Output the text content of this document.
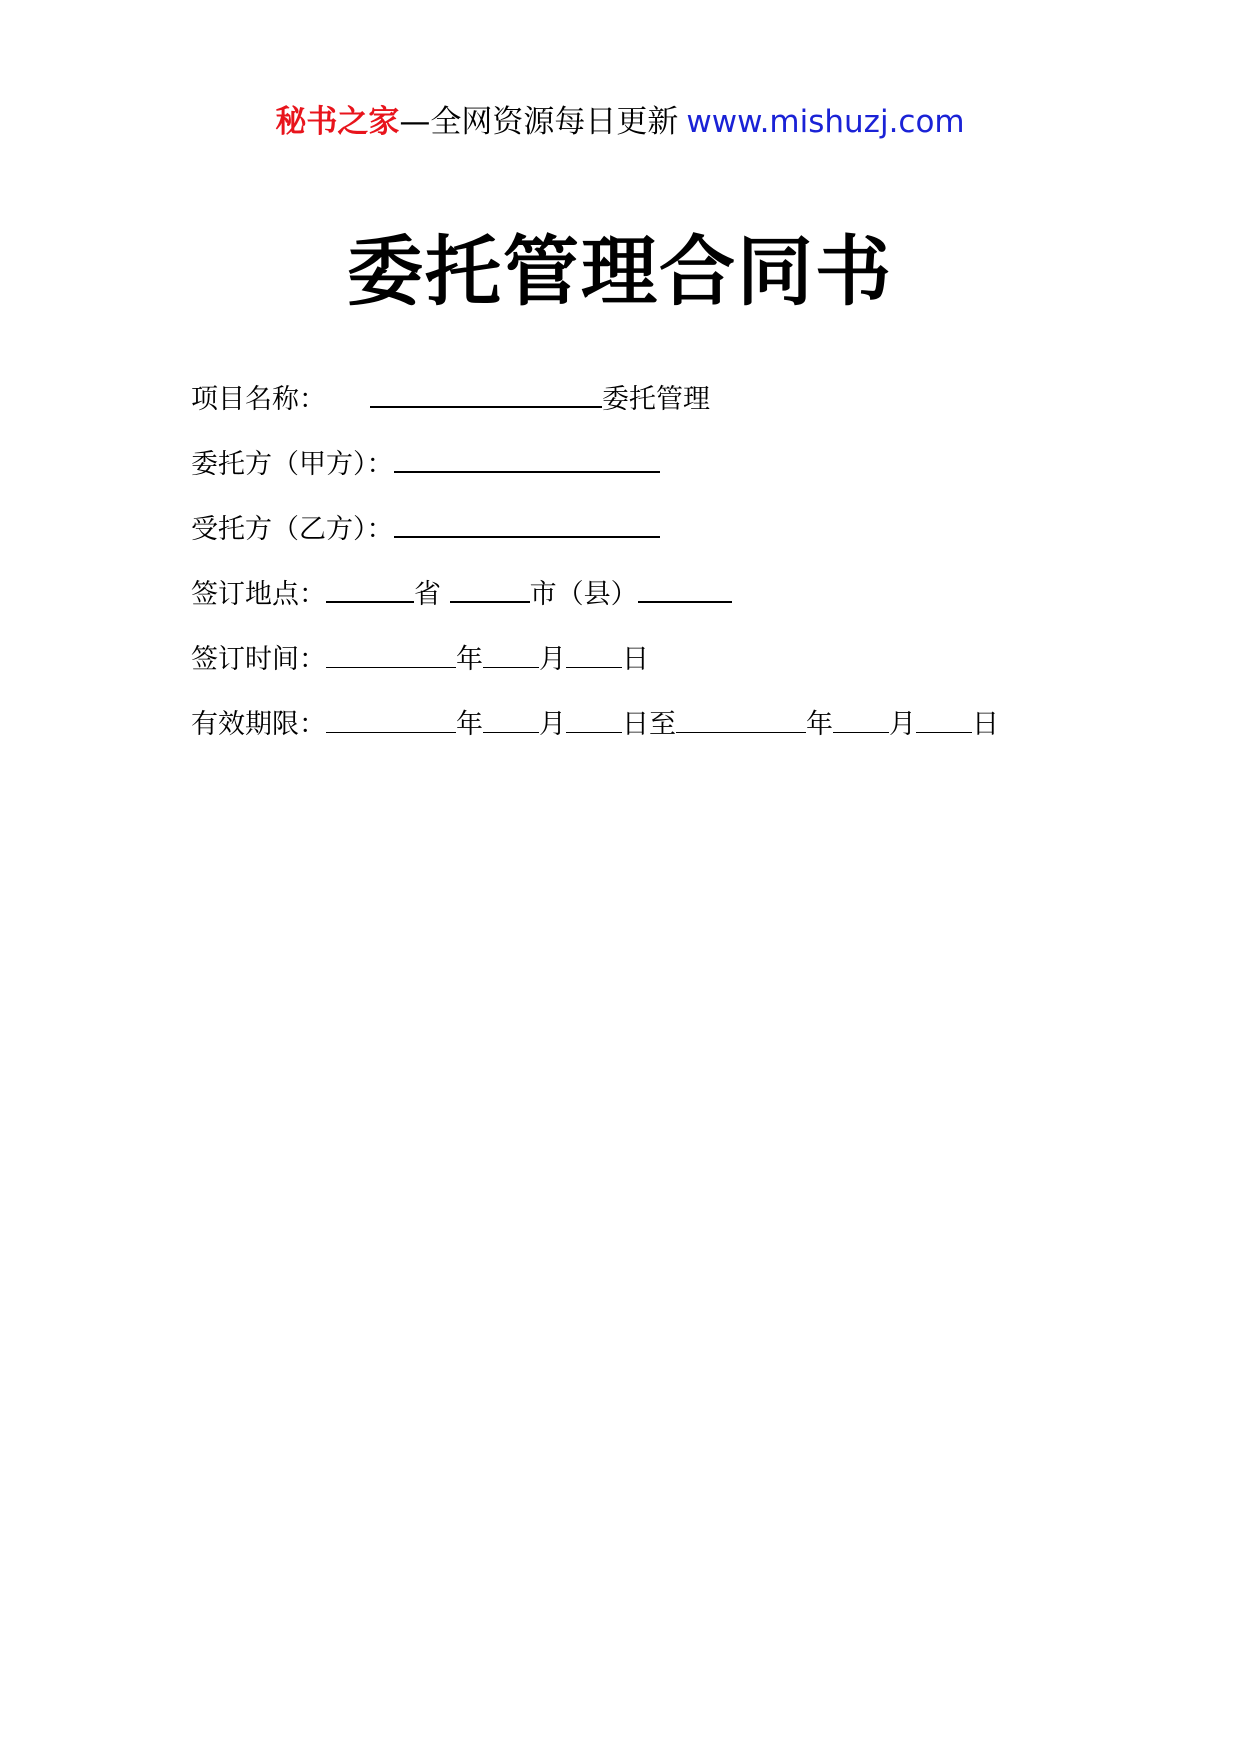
秘书之家—全网资源每日更新 www.mishuzj.com
委托管理合同书
项目名称：	委托管理
委托方（甲方）：
受托方（乙方）：
签订地点：	省	市（县）
签订时间：	年 月 日
有效期限：	年 月 日至	年 月 日
